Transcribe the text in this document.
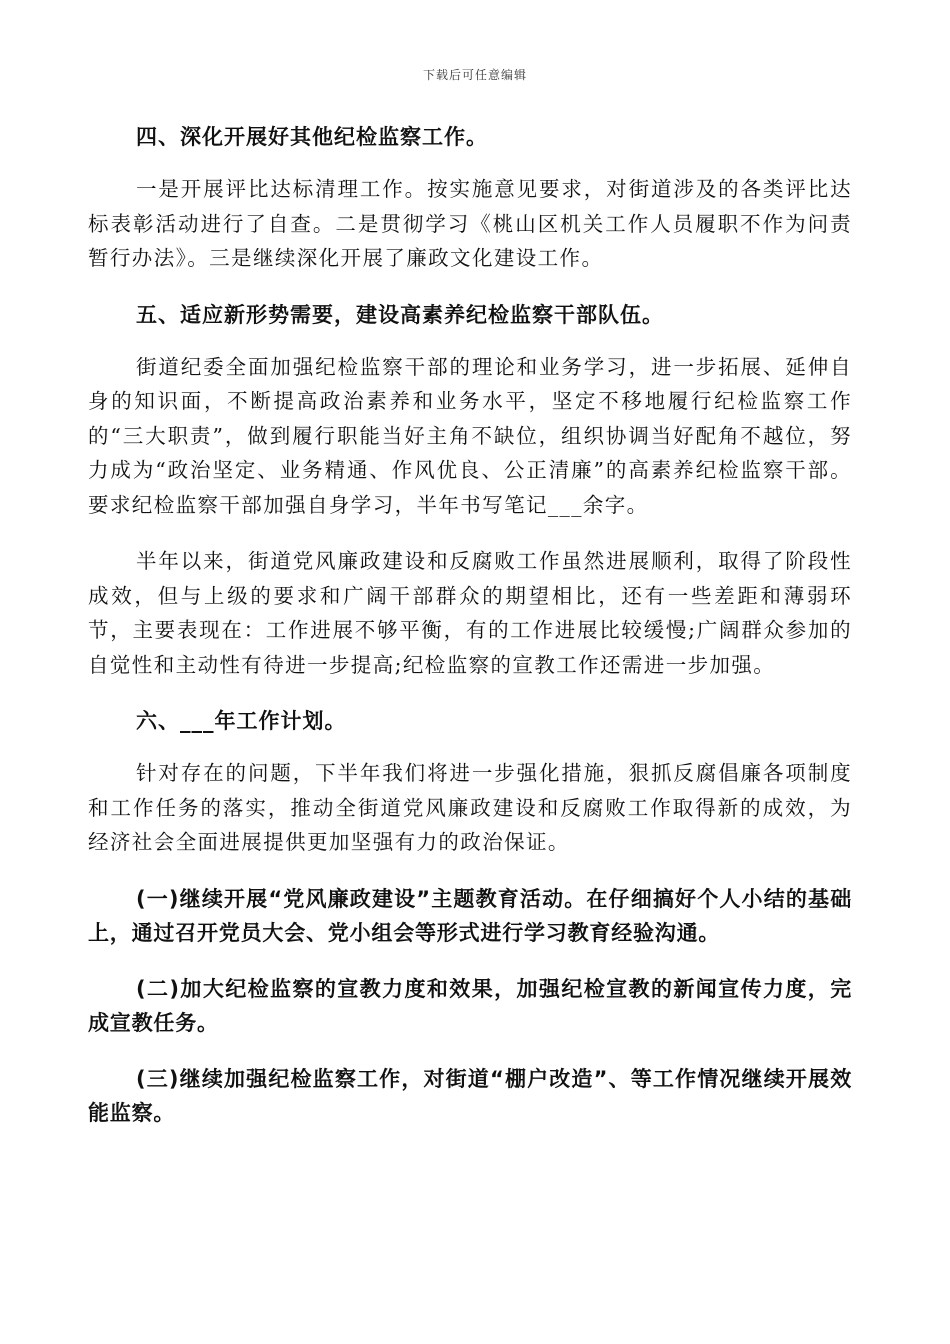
下载后可任意编辑

四、深化开展好其他纪检监察工作。

一是开展评比达标清理工作。按实施意见要求，对街道涉及的各类评比达标表彰活动进行了自查。二是贯彻学习《桃山区机关工作人员履职不作为问责暂行办法》。三是继续深化开展了廉政文化建设工作。

五、适应新形势需要，建设高素养纪检监察干部队伍。

街道纪委全面加强纪检监察干部的理论和业务学习，进一步拓展、延伸自身的知识面，不断提高政治素养和业务水平，坚定不移地履行纪检监察工作的“三大职责”，做到履行职能当好主角不缺位，组织协调当好配角不越位，努力成为“政治坚定、业务精通、作风优良、公正清廉”的高素养纪检监察干部。要求纪检监察干部加强自身学习，半年书写笔记___余字。

半年以来，街道党风廉政建设和反腐败工作虽然进展顺利，取得了阶段性成效，但与上级的要求和广阔干部群众的期望相比，还有一些差距和薄弱环节，主要表现在：工作进展不够平衡，有的工作进展比较缓慢;广阔群众参加的自觉性和主动性有待进一步提高;纪检监察的宣教工作还需进一步加强。

六、___年工作计划。

针对存在的问题，下半年我们将进一步强化措施，狠抓反腐倡廉各项制度和工作任务的落实，推动全街道党风廉政建设和反腐败工作取得新的成效，为经济社会全面进展提供更加坚强有力的政治保证。

(一)继续开展“党风廉政建设”主题教育活动。在仔细搞好个人小结的基础上，通过召开党员大会、党小组会等形式进行学习教育经验沟通。

(二)加大纪检监察的宣教力度和效果，加强纪检宣教的新闻宣传力度，完成宣教任务。

(三)继续加强纪检监察工作，对街道“棚户改造”、等工作情况继续开展效能监察。
